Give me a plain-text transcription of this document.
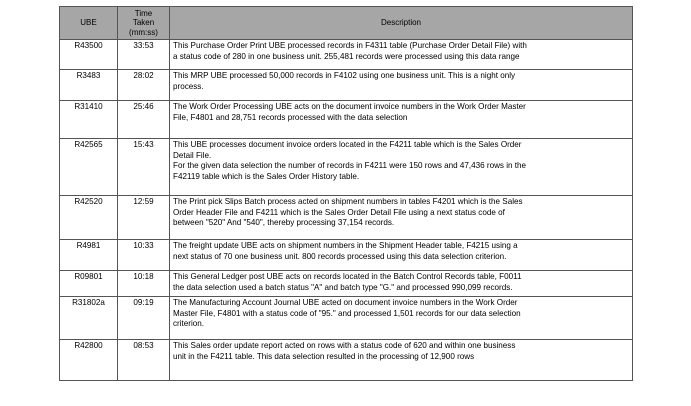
UBE	Time
Taken
(mm:ss)	Description
R43500	33:53	This Purchase Order Print UBE processed records in F4311 table (Purchase Order Detail File) with
a status code of 280 in one business unit. 255,481 records were processed using this data range

R3483	28:02	This MRP UBE processed 50,000 records in F4102 using one business unit. This is a night only
process.

R31410	25:46	The Work Order Processing UBE acts on the document invoice numbers in the Work Order Master
File, F4801 and 28,751 records processed with the data selection

R42565	15:43	This UBE processes document invoice orders located in the F4211 table which is the Sales Order
Detail File.
For the given data selection the number of records in F4211 were 150 rows and 47,436 rows in the
F42119 table which is the Sales Order History table.

R42520	12:59	The Print pick Slips Batch process acted on shipment numbers in tables F4201 which is the Sales
Order Header File and F4211 which is the Sales Order Detail File using a next status code of
between "520" And "540", thereby processing 37,154 records.

R4981	10:33	The freight update UBE acts on shipment numbers in the Shipment Header table, F4215 using a
next status of 70 one business unit. 800 records processed using this data selection criterion.

R09801	10:18	This General Ledger post UBE acts on records located in the Batch Control Records table, F0011
the data selection used a batch status "A" and batch type "G." and processed 990,099 records.

R31802a	09:19	The Manufacturing Account Journal UBE acted on document invoice numbers in the Work Order
Master File, F4801 with a status code of "95." and processed 1,501 records for our data selection
criterion.

R42800	08:53	This Sales order update report acted on rows with a status code of 620 and within one business
unit in the F4211 table. This data selection resulted in the processing of 12,900 rows
